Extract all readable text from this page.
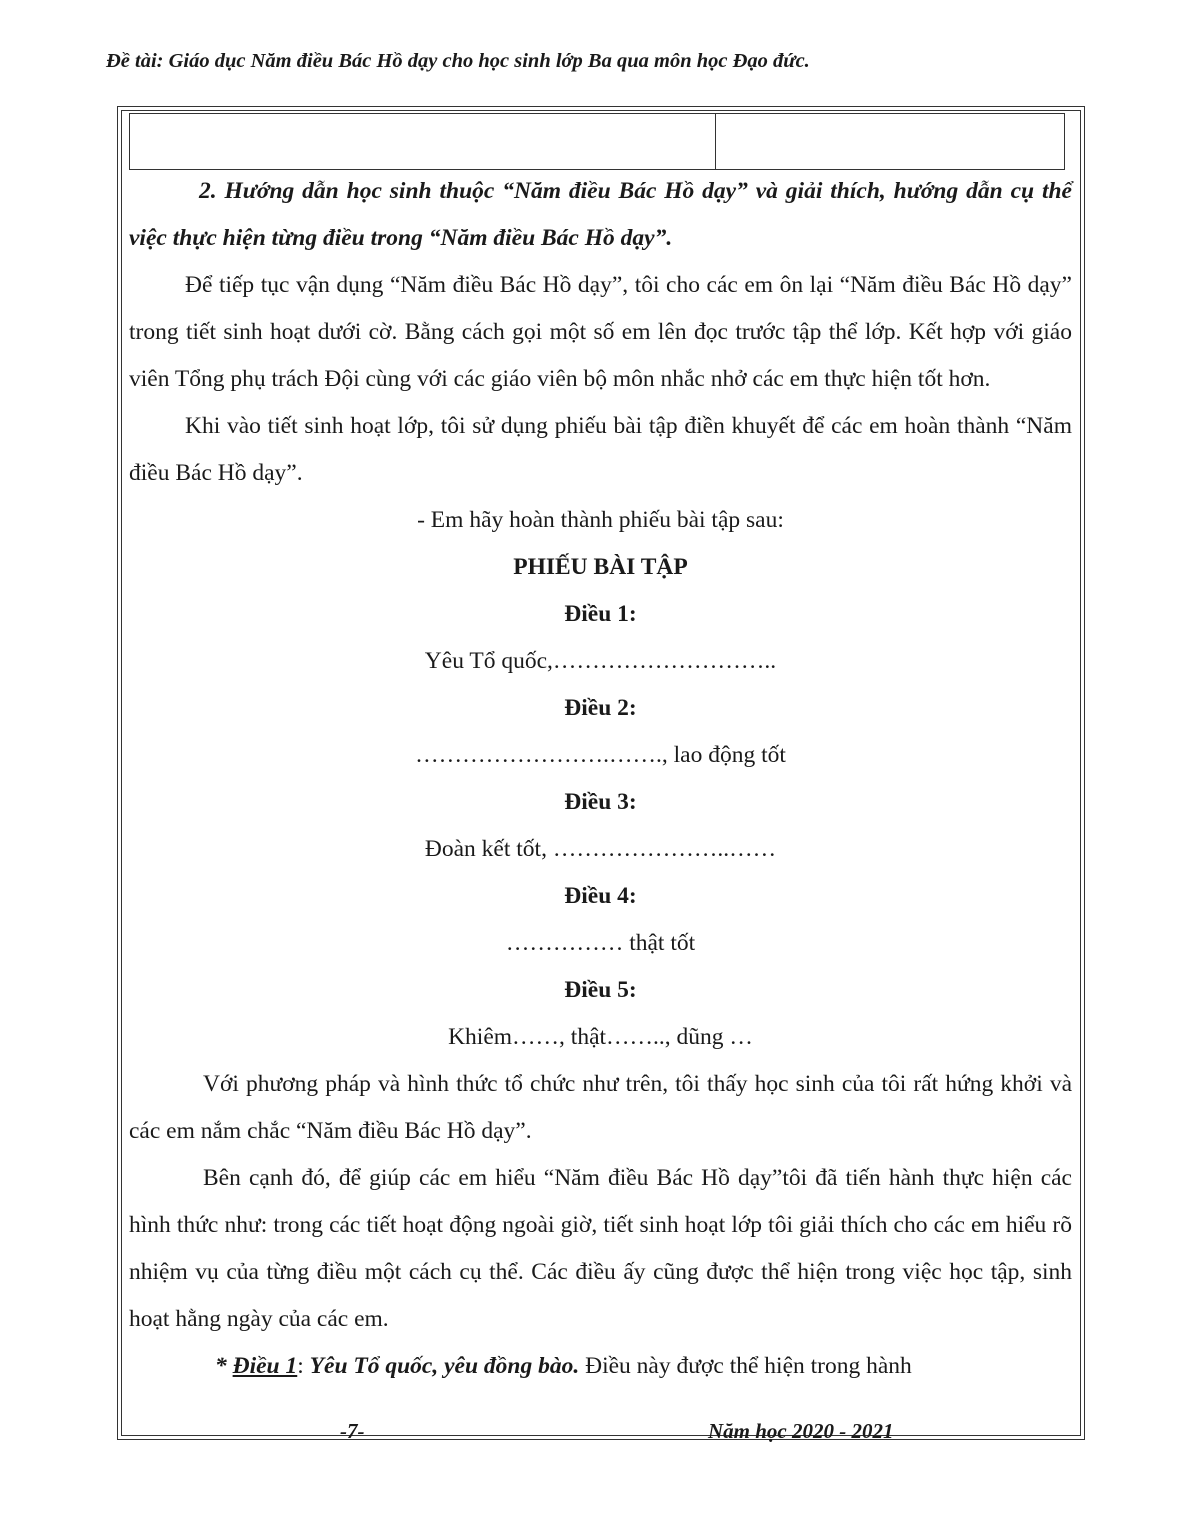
Đề tài: Giáo dục Năm điều Bác Hồ dạy cho học sinh lớp Ba qua môn học Đạo đức.

2. Hướng dẫn học sinh thuộc “Năm điều Bác Hồ dạy” và giải thích, hướng dẫn cụ thể việc thực hiện từng điều trong “Năm điều Bác Hồ dạy”.

Để tiếp tục vận dụng “Năm điều Bác Hồ dạy”, tôi cho các em ôn lại “Năm điều Bác Hồ dạy” trong tiết sinh hoạt dưới cờ. Bằng cách gọi một số em lên đọc trước tập thể lớp. Kết hợp với giáo viên Tổng phụ trách Đội cùng với các giáo viên bộ môn nhắc nhở các em thực hiện tốt hơn.

Khi vào tiết sinh hoạt lớp, tôi sử dụng phiếu bài tập điền khuyết để các em hoàn thành “Năm điều Bác Hồ dạy”.

- Em hãy hoàn thành phiếu bài tập sau:

PHIẾU BÀI TẬP

Điều 1:

Yêu Tổ quốc,………………………..

Điều 2:

…………………….……., lao động tốt

Điều 3:

Đoàn kết tốt, …………………..……

Điều 4:

…………… thật tốt

Điều 5:

Khiêm……, thật…….., dũng …

Với phương pháp và hình thức tổ chức như trên, tôi thấy học sinh của tôi rất hứng khởi và các em nắm chắc “Năm điều Bác Hồ dạy”.

Bên cạnh đó, để giúp các em hiểu “Năm điều Bác Hồ dạy”tôi đã tiến hành thực hiện các hình thức như: trong các tiết hoạt động ngoài giờ, tiết sinh hoạt lớp tôi giải thích cho các em hiểu rõ nhiệm vụ của từng điều một cách cụ thể. Các điều ấy cũng được thể hiện trong việc học tập, sinh hoạt hằng ngày của các em.

* Điều 1: Yêu Tổ quốc, yêu đồng bào. Điều này được thể hiện trong hành

-7-	Năm học 2020 - 2021
